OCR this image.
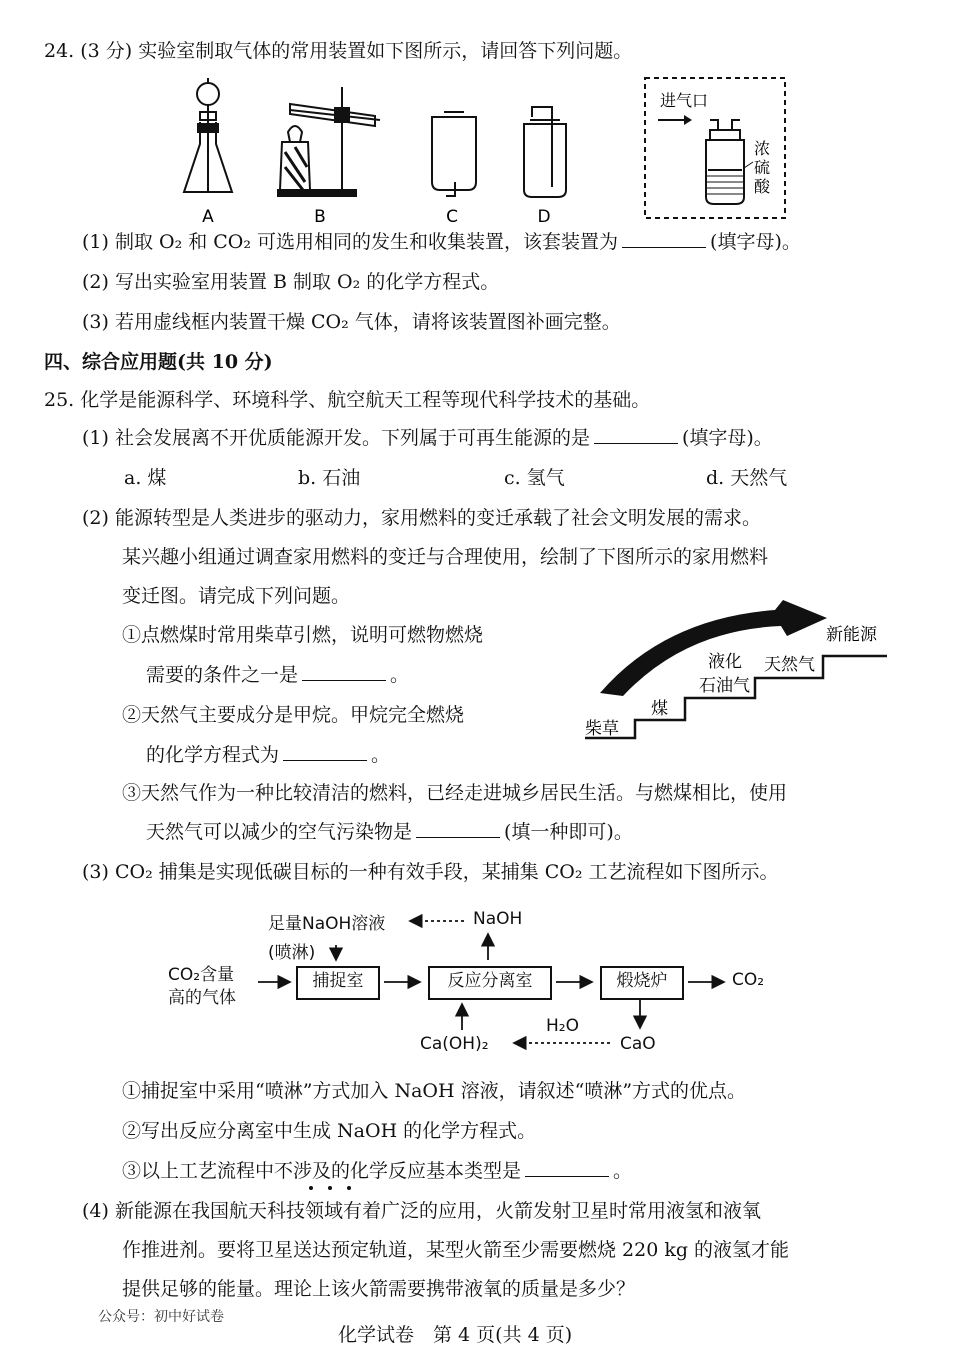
24. (3 分) 实验室制取气体的常用装置如下图所示，请回答下列问题。
A	B	C	D
进气口
浓
硫
酸
(1) 制取 O₂ 和 CO₂ 可选用相同的发生和收集装置，该套装置为	(填字母)。
(2) 写出实验室用装置 B 制取 O₂ 的化学方程式。
(3) 若用虚线框内装置干燥 CO₂ 气体，请将该装置图补画完整。
四、综合应用题(共 10 分)
25. 化学是能源科学、环境科学、航空航天工程等现代科学技术的基础。
(1) 社会发展离不开优质能源开发。下列属于可再生能源的是	(填字母)。
a. 煤	b. 石油	c. 氢气	d. 天然气
(2) 能源转型是人类进步的驱动力，家用燃料的变迁承载了社会文明发展的需求。
某兴趣小组通过调查家用燃料的变迁与合理使用，绘制了下图所示的家用燃料
变迁图。请完成下列问题。
①点燃煤时常用柴草引燃，说明可燃物燃烧
需要的条件之一是	。
②天然气主要成分是甲烷。甲烷完全燃烧
的化学方程式为	。
柴草
煤
液化
石油气
天然气
新能源
③天然气作为一种比较清洁的燃料，已经走进城乡居民生活。与燃煤相比，使用
天然气可以减少的空气污染物是	(填一种即可)。
(3) CO₂ 捕集是实现低碳目标的一种有效手段，某捕集 CO₂ 工艺流程如下图所示。
足量NaOH溶液	NaOH
(喷淋)
CO₂含量
高的气体
捕捉室	反应分离室	煅烧炉	CO₂
H₂O
Ca(OH)₂	CaO
①捕捉室中采用“喷淋”方式加入 NaOH 溶液，请叙述“喷淋”方式的优点。
②写出反应分离室中生成 NaOH 的化学方程式。
③以上工艺流程中不涉及的化学反应基本类型是	。
(4) 新能源在我国航天科技领域有着广泛的应用，火箭发射卫星时常用液氢和液氧
作推进剂。要将卫星送达预定轨道，某型火箭至少需要燃烧 220 kg 的液氢才能
提供足够的能量。理论上该火箭需要携带液氧的质量是多少？
公众号：初中好试卷
化学试卷　第 4 页(共 4 页)
